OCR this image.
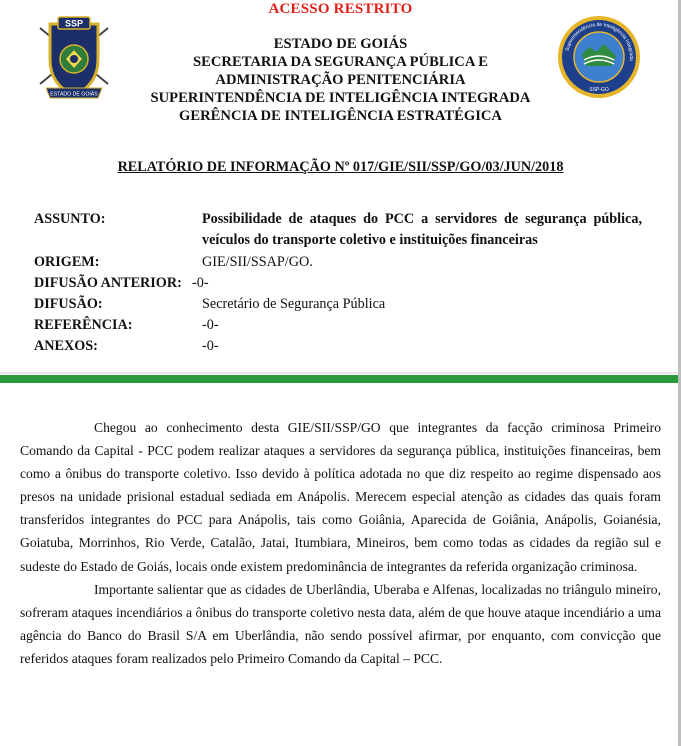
ACESSO RESTRITO
SSP
ESTADO DE GOIÁS
Superintendência de Inteligência Integrada
SSP-GO
ESTADO DE GOIÁS
SECRETARIA DA SEGURANÇA PÚBLICA E
ADMINISTRAÇÃO PENITENCIÁRIA
SUPERINTENDÊNCIA DE INTELIGÊNCIA INTEGRADA
GERÊNCIA DE INTELIGÊNCIA ESTRATÉGICA
RELATÓRIO DE INFORMAÇÃO Nº 017/GIE/SII/SSP/GO/03/JUN/2018
ASSUNTO:	Possibilidade de ataques do PCC a servidores de segurança pública, veículos do transporte coletivo e instituições financeiras
ORIGEM:	GIE/SII/SSAP/GO.
DIFUSÃO ANTERIOR: -0-
DIFUSÃO:	Secretário de Segurança Pública
REFERÊNCIA:	-0-
ANEXOS:	-0-

Chegou ao conhecimento desta GIE/SII/SSP/GO que integrantes da facção criminosa Primeiro Comando da Capital - PCC podem realizar ataques a servidores da segurança pública, instituições financeiras, bem como a ônibus do transporte coletivo. Isso devido à política adotada no que diz respeito ao regime dispensado aos presos na unidade prisional estadual sediada em Anápolis. Merecem especial atenção as cidades das quais foram transferidos integrantes do PCC para Anápolis, tais como Goiânia, Aparecida de Goiânia, Anápolis, Goianésia, Goiatuba, Morrinhos, Rio Verde, Catalão, Jatai, Itumbiara, Mineiros, bem como todas as cidades da região sul e sudeste do Estado de Goiás, locais onde existem predominância de integrantes da referida organização criminosa.

Importante salientar que as cidades de Uberlândia, Uberaba e Alfenas, localizadas no triângulo mineiro, sofreram ataques incendiários a ônibus do transporte coletivo nesta data, além de que houve ataque incendiário a uma agência do Banco do Brasil S/A em Uberlândia, não sendo possível afirmar, por enquanto, com convicção que referidos ataques foram realizados pelo Primeiro Comando da Capital – PCC.
